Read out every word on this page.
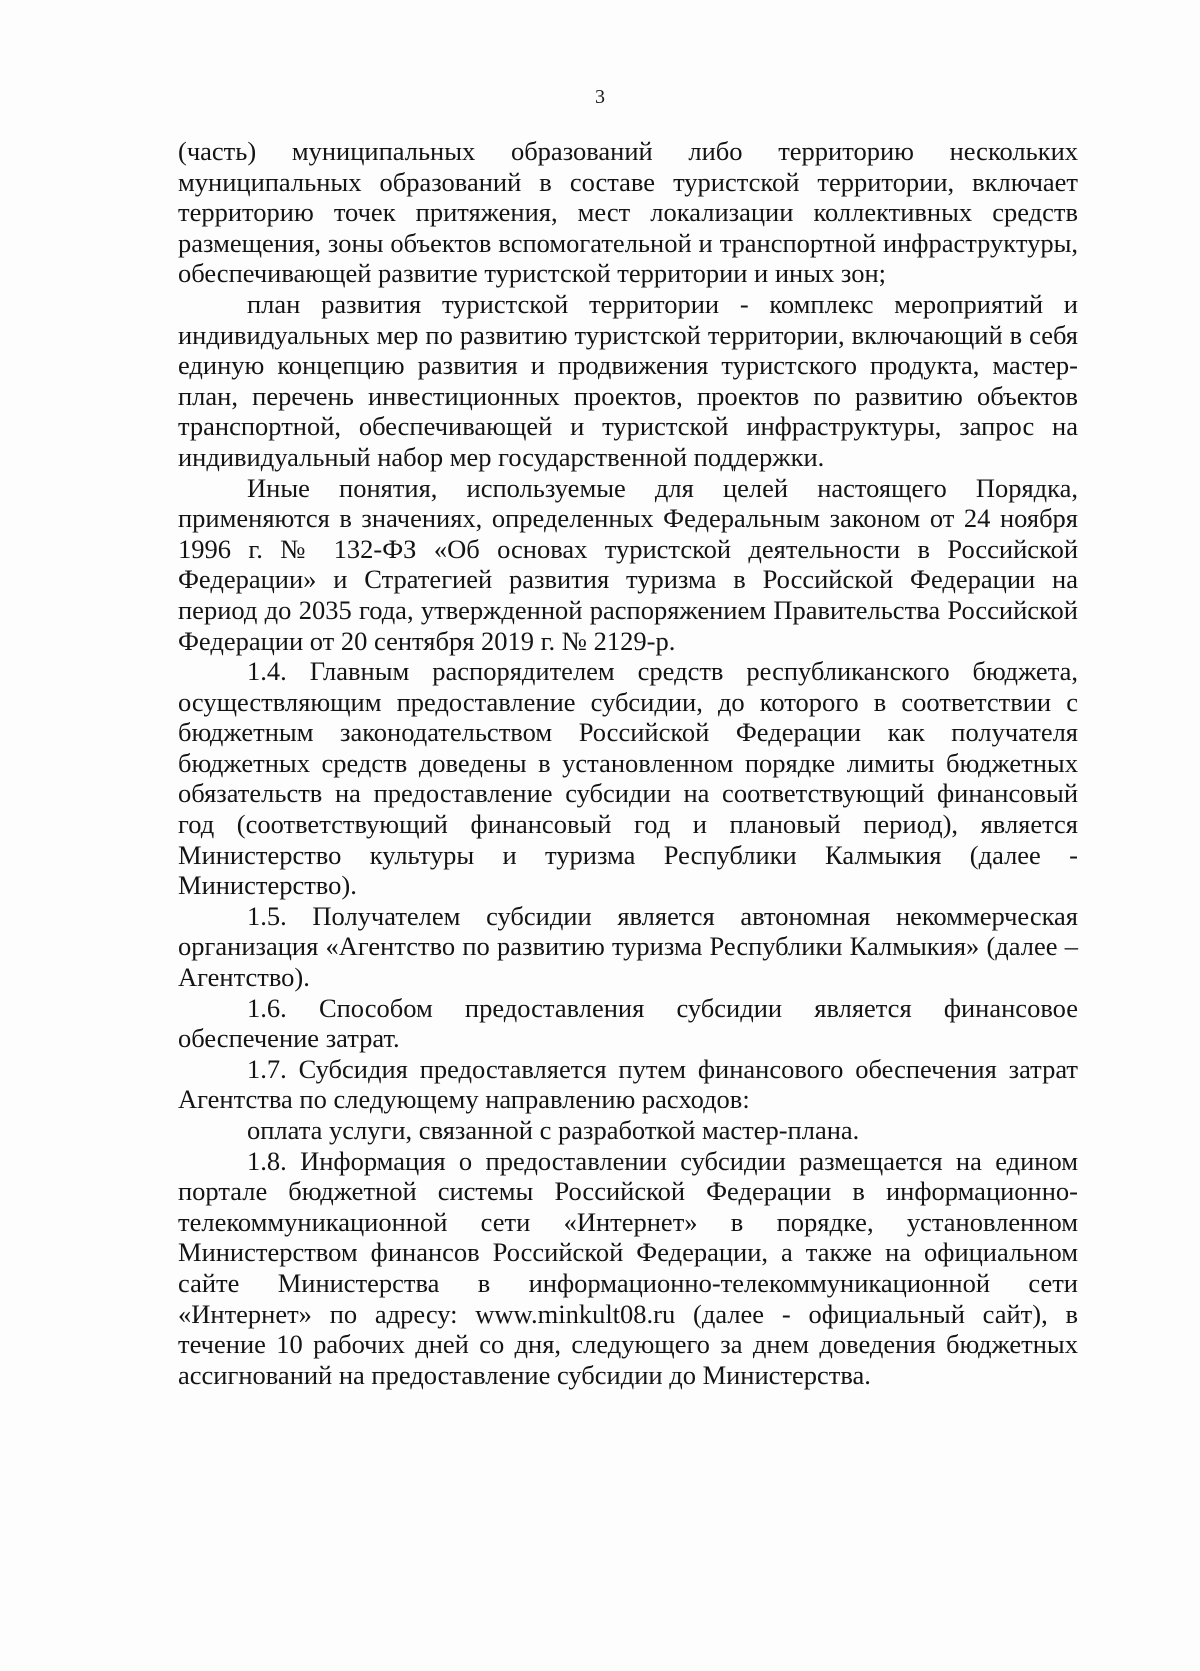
3

(часть) муниципальных образований либо территорию нескольких муниципальных образований в составе туристской территории, включает территорию точек притяжения, мест локализации коллективных средств размещения, зоны объектов вспомогательной и транспортной инфраструктуры, обеспечивающей развитие туристской территории и иных зон;

план развития туристской территории - комплекс мероприятий и индивидуальных мер по развитию туристской территории, включающий в себя единую концепцию развития и продвижения туристского продукта, мастер-план, перечень инвестиционных проектов, проектов по развитию объектов транспортной, обеспечивающей и туристской инфраструктуры, запрос на индивидуальный набор мер государственной поддержки.

Иные понятия, используемые для целей настоящего Порядка, применяются в значениях, определенных Федеральным законом от 24 ноября 1996 г. № 132-ФЗ «Об основах туристской деятельности в Российской Федерации» и Стратегией развития туризма в Российской Федерации на период до 2035 года, утвержденной распоряжением Правительства Российской Федерации от 20 сентября 2019 г. № 2129-р.

1.4. Главным распорядителем средств республиканского бюджета, осуществляющим предоставление субсидии, до которого в соответствии с бюджетным законодательством Российской Федерации как получателя бюджетных средств доведены в установленном порядке лимиты бюджетных обязательств на предоставление субсидии на соответствующий финансовый год (соответствующий финансовый год и плановый период), является Министерство культуры и туризма Республики Калмыкия (далее - Министерство).

1.5. Получателем субсидии является автономная некоммерческая организация «Агентство по развитию туризма Республики Калмыкия» (далее – Агентство).

1.6. Способом предоставления субсидии является финансовое обеспечение затрат.

1.7. Субсидия предоставляется путем финансового обеспечения затрат Агентства по следующему направлению расходов:

оплата услуги, связанной с разработкой мастер-плана.

1.8. Информация о предоставлении субсидии размещается на едином портале бюджетной системы Российской Федерации в информационно-телекоммуникационной сети «Интернет» в порядке, установленном Министерством финансов Российской Федерации, а также на официальном сайте Министерства в информационно-телекоммуникационной сети «Интернет» по адресу: www.minkult08.ru (далее - официальный сайт), в течение 10 рабочих дней со дня, следующего за днем доведения бюджетных ассигнований на предоставление субсидии до Министерства.
